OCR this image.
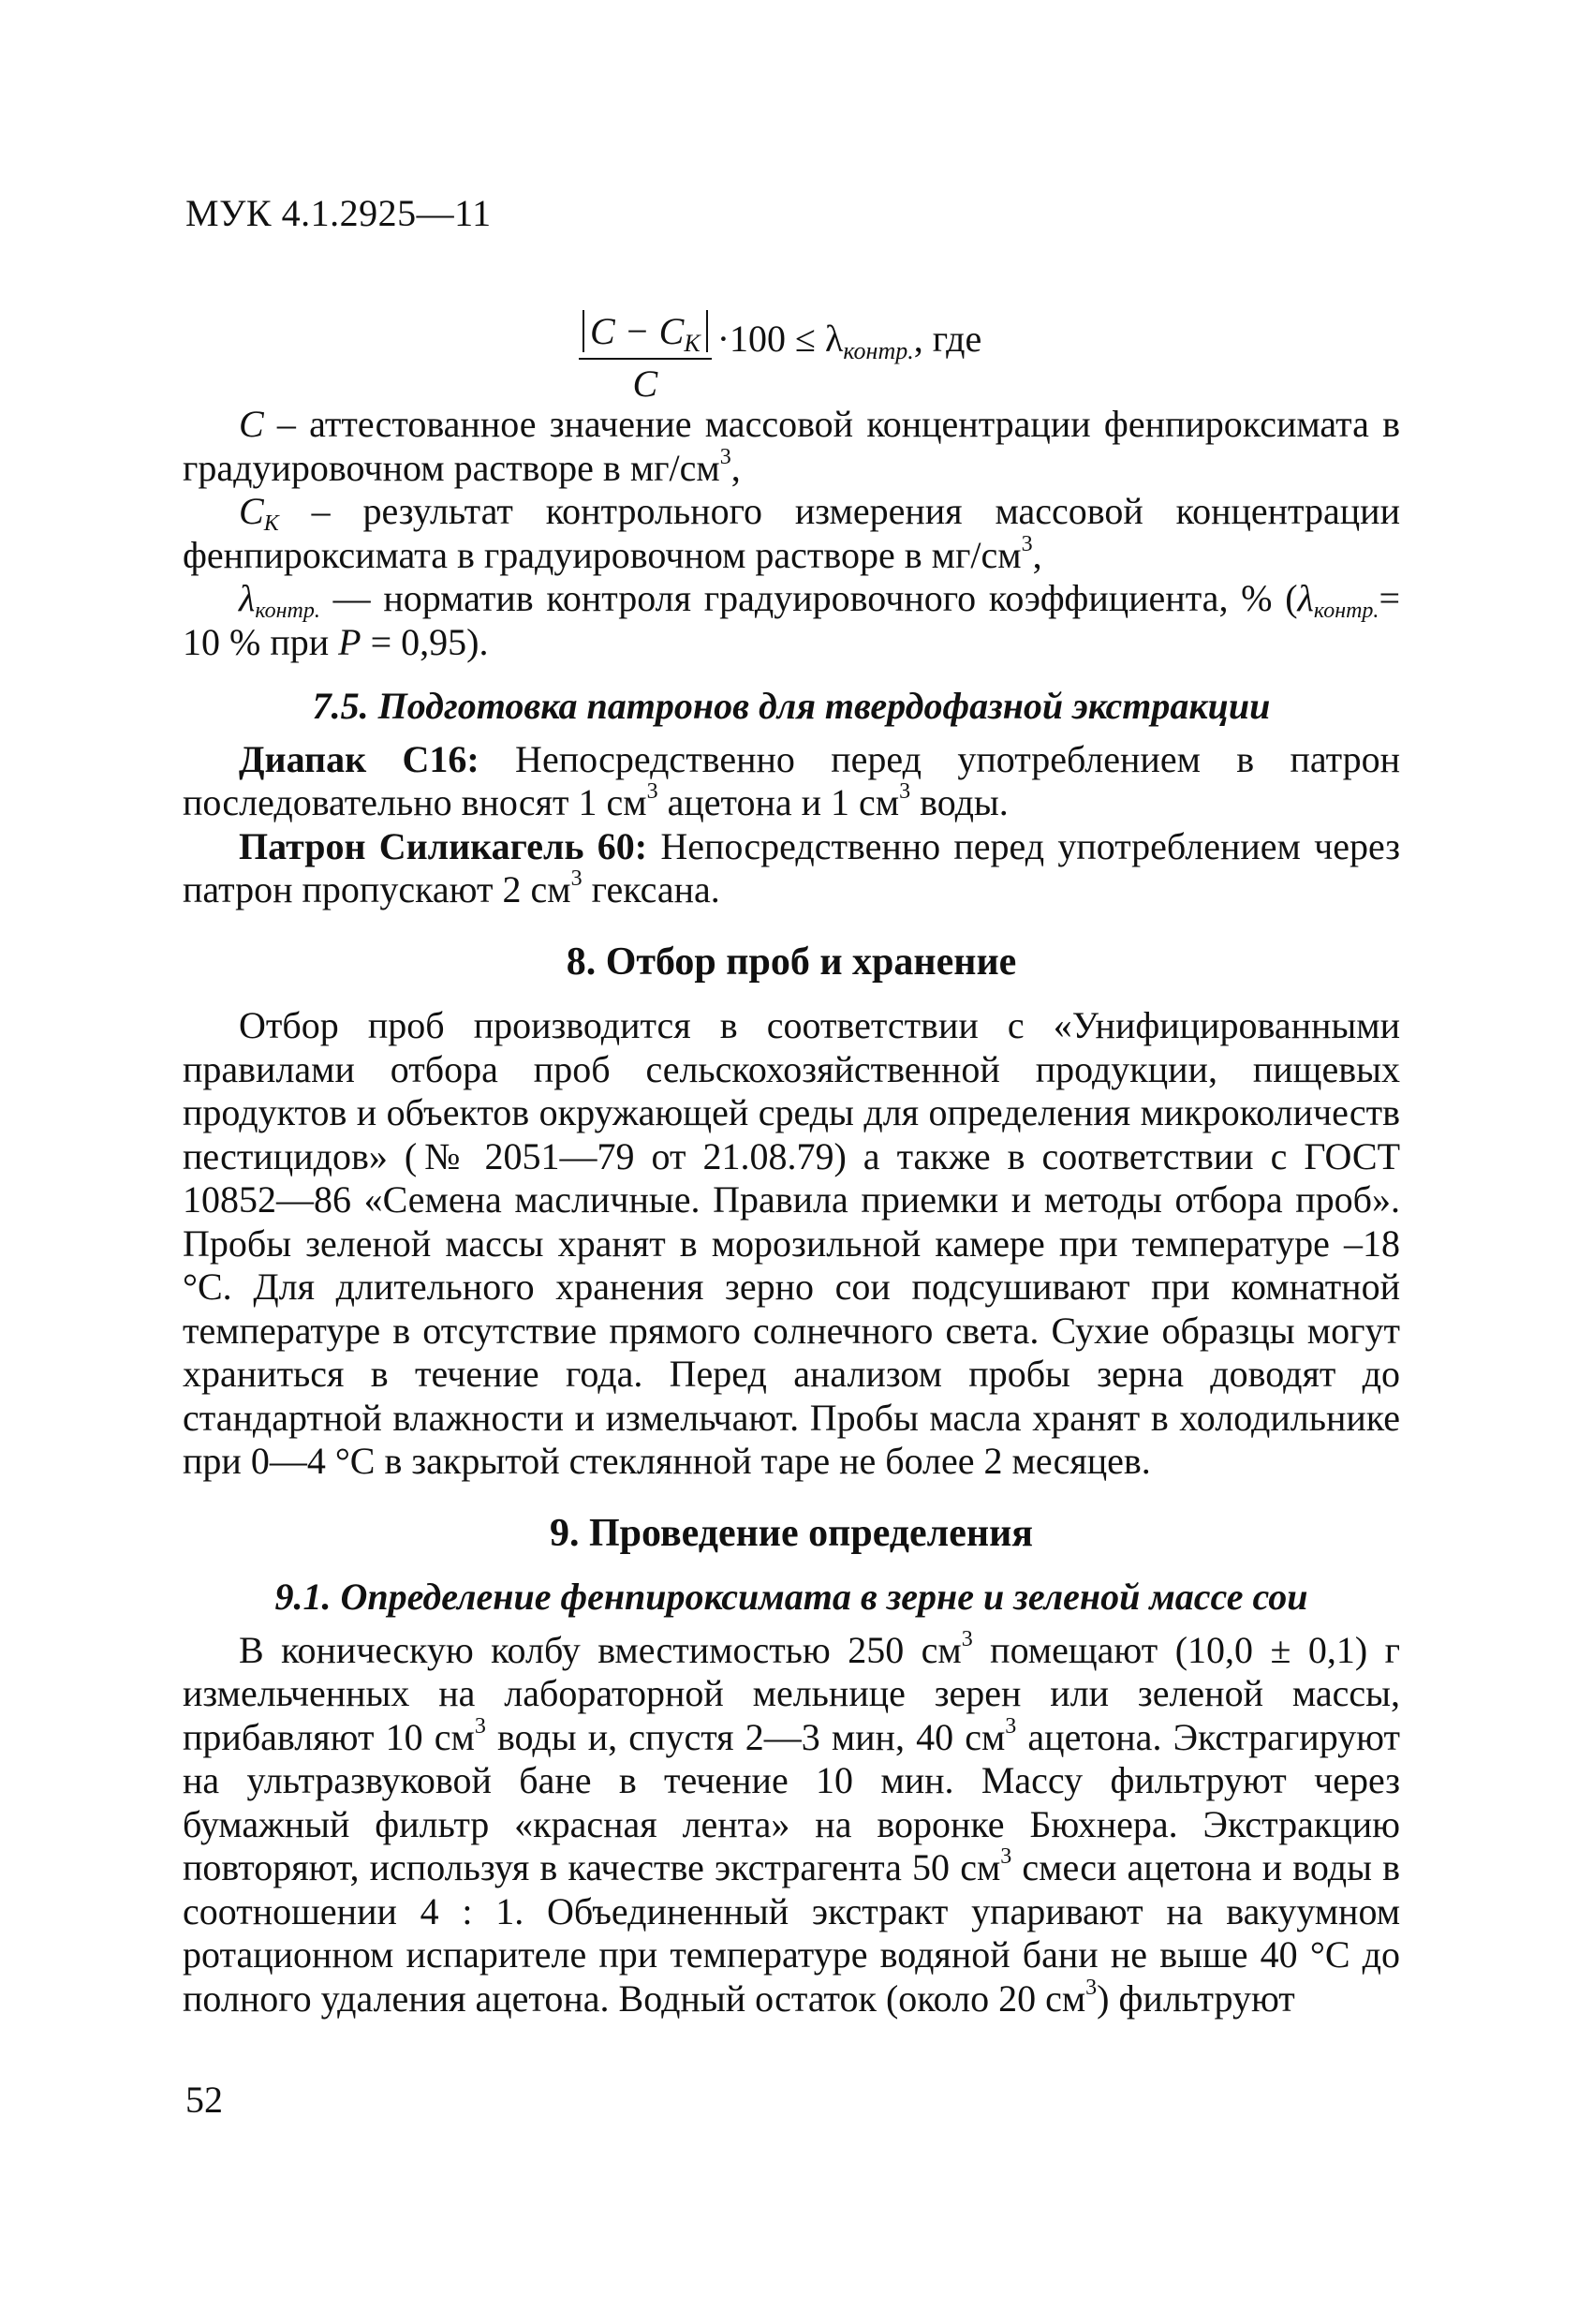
МУК 4.1.2925—11
$\frac{C - C_K}{C} \cdot 100 \le \lambda_{контр.}$, где

C – аттестованное значение массовой концентрации фенпироксимата в градуировочном растворе в $мг/см^3$,

CK – результат контрольного измерения массовой концентрации фенпироксимата в градуировочном растворе в $мг/см^3$,

λконтр. — норматив контроля градуировочного коэффициента, % (λконтр.= 10 % при P = 0,95).

7.5. Подготовка патронов для твердофазной экстракции

Диапак С16: Непосредственно перед употреблением в патрон последовательно вносят 1 $см^3$ ацетона и 1 $см^3$ воды.

Патрон Силикагель 60: Непосредственно перед употреблением через патрон пропускают 2 $см^3$ гексана.

8. Отбор проб и хранение

Отбор проб производится в соответствии с «Унифицированными правилами отбора проб сельскохозяйственной продукции, пищевых продуктов и объектов окружающей среды для определения микроколичеств пестицидов» (№ 2051—79 от 21.08.79) а также в соответствии с ГОСТ 10852—86 «Семена масличные. Правила приемки и методы отбора проб». Пробы зеленой массы хранят в морозильной камере при температуре –18 °С. Для длительного хранения зерно сои подсушивают при комнатной температуре в отсутствие прямого солнечного света. Сухие образцы могут храниться в течение года. Перед анализом пробы зерна доводят до стандартной влажности и измельчают. Пробы масла хранят в холодильнике при 0—4 °С в закрытой стеклянной таре не более 2 месяцев.

9. Проведение определения

9.1. Определение фенпироксимата в зерне и зеленой массе сои

В коническую колбу вместимостью 250 $см^3$ помещают (10,0 ± 0,1) г измельченных на лабораторной мельнице зерен или зеленой массы, прибавляют 10 $см^3$ воды и, спустя 2—3 мин, 40 $см^3$ ацетона. Экстрагируют на ультразвуковой бане в течение 10 мин. Массу фильтруют через бумажный фильтр «красная лента» на воронке Бюхнера. Экстракцию повторяют, используя в качестве экстрагента 50 $см^3$ смеси ацетона и воды в соотношении 4 : 1. Объединенный экстракт упаривают на вакуумном ротационном испарителе при температуре водяной бани не выше 40 °С до полного удаления ацетона. Водный остаток (около 20 $см^3$) фильтруют

52
